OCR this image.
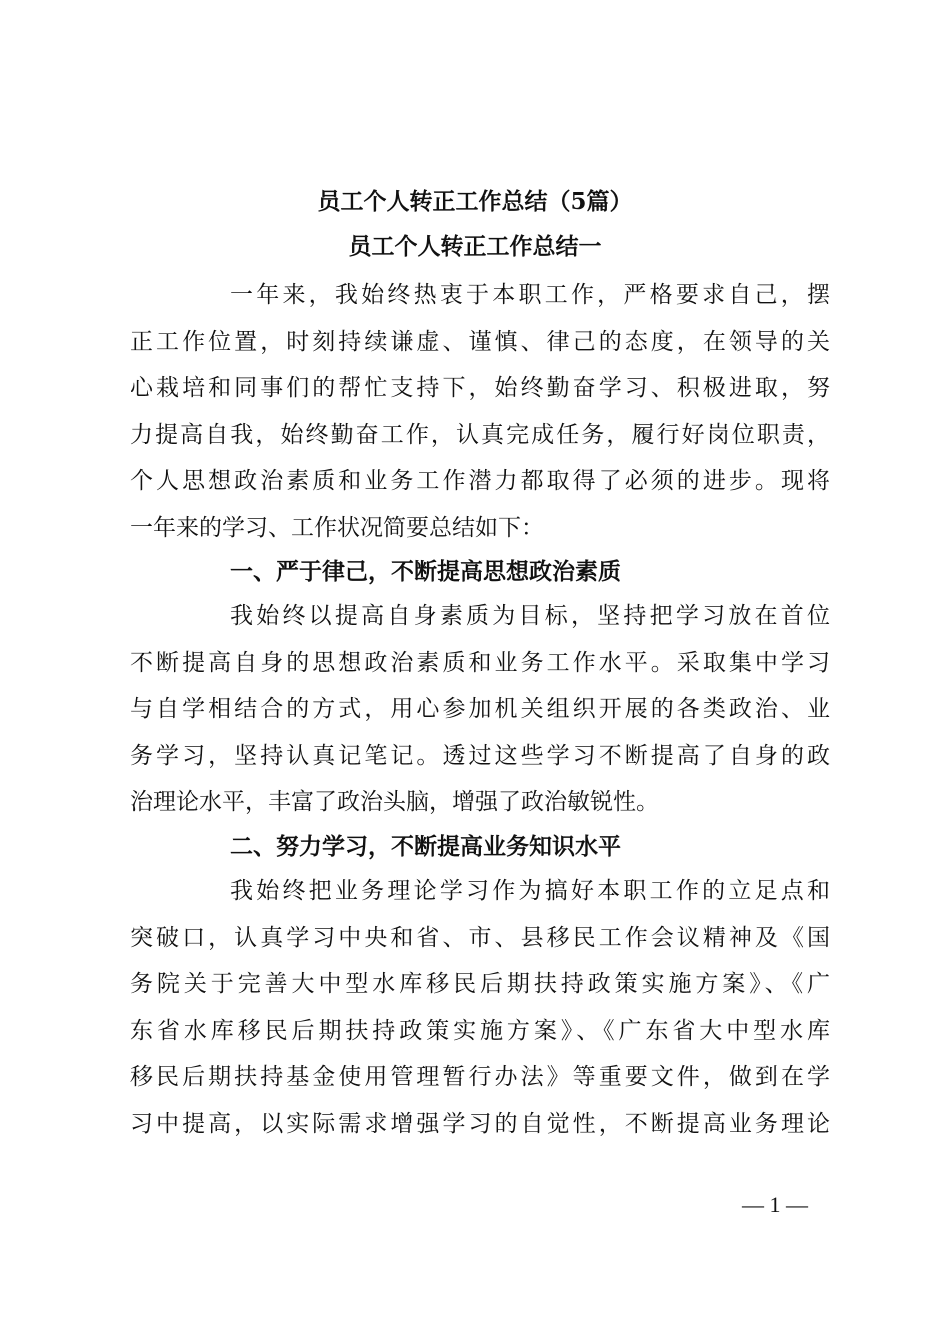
员工个人转正工作总结（5篇）
员工个人转正工作总结一
一年来，我始终热衷于本职工作，严格要求自己，摆
正工作位置，时刻持续谦虚、谨慎、律己的态度，在领导的关
心栽培和同事们的帮忙支持下，始终勤奋学习、积极进取，努
力提高自我，始终勤奋工作，认真完成任务，履行好岗位职责，
个人思想政治素质和业务工作潜力都取得了必须的进步。现将
一年来的学习、工作状况简要总结如下：
一、严于律己，不断提高思想政治素质
我始终以提高自身素质为目标，坚持把学习放在首位
不断提高自身的思想政治素质和业务工作水平。采取集中学习
与自学相结合的方式，用心参加机关组织开展的各类政治、业
务学习，坚持认真记笔记。透过这些学习不断提高了自身的政
治理论水平，丰富了政治头脑，增强了政治敏锐性。
二、努力学习，不断提高业务知识水平
我始终把业务理论学习作为搞好本职工作的立足点和
突破口，认真学习中央和省、市、县移民工作会议精神及《国
务院关于完善大中型水库移民后期扶持政策实施方案》、《广
东省水库移民后期扶持政策实施方案》、《广东省大中型水库
移民后期扶持基金使用管理暂行办法》等重要文件，做到在学
习中提高，以实际需求增强学习的自觉性，不断提高业务理论
— 1 —
